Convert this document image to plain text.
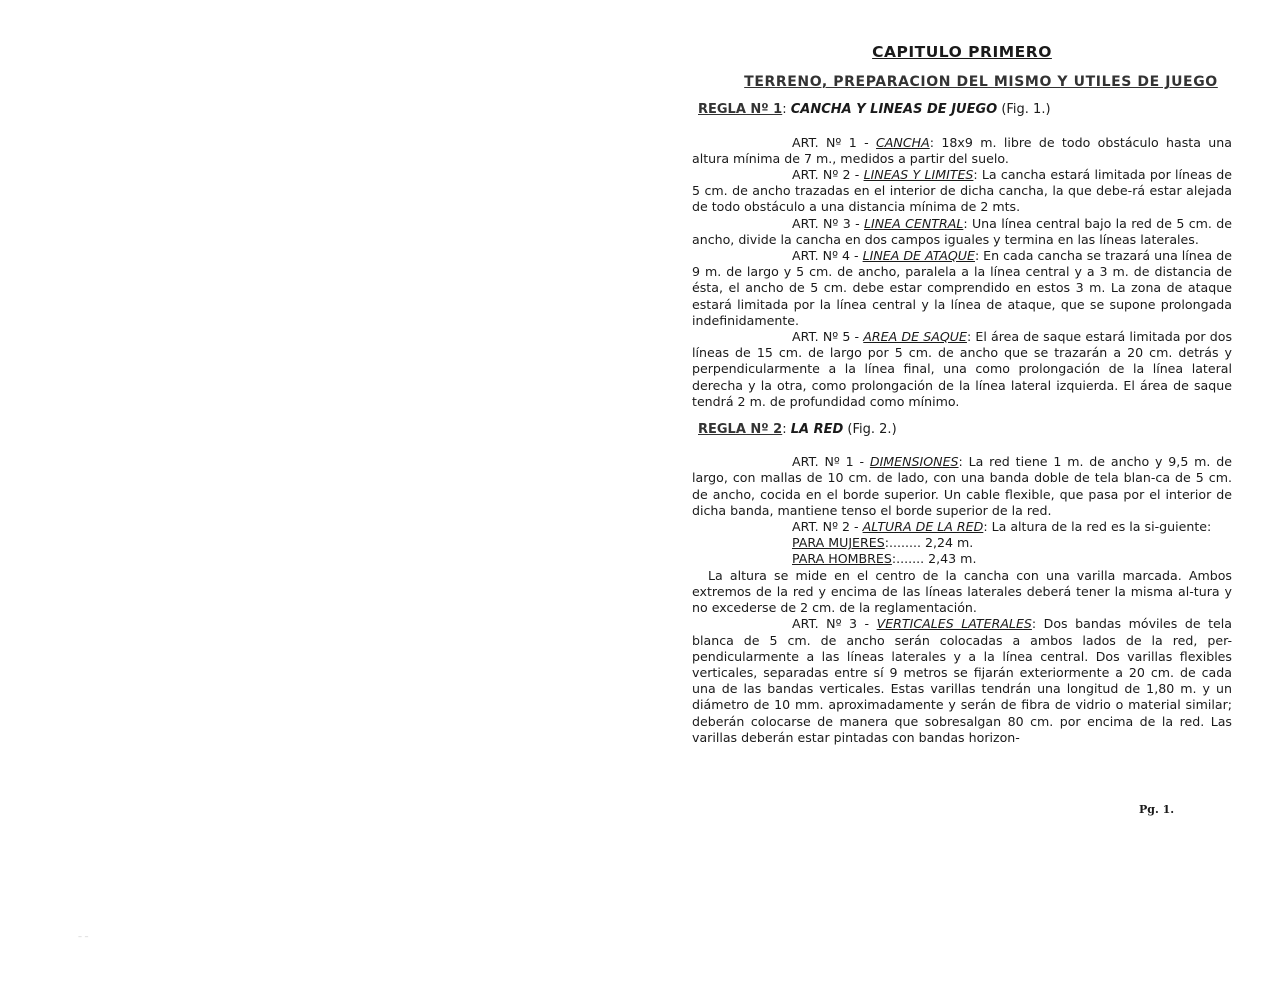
CAPITULO PRIMERO
TERRENO, PREPARACION DEL MISMO Y UTILES DE JUEGO
REGLA Nº 1: CANCHA Y LINEAS DE JUEGO (Fig. 1.)

ART. Nº 1 - CANCHA: 18x9 m. libre de todo obstáculo hasta una altura mínima de 7 m., medidos a partir del suelo.

ART. Nº 2 - LINEAS Y LIMITES: La cancha estará limitada por líneas de 5 cm. de ancho trazadas en el interior de dicha cancha, la que debe-rá estar alejada de todo obstáculo a una distancia mínima de 2 mts.

ART. Nº 3 - LINEA CENTRAL: Una línea central bajo la red de 5 cm. de ancho, divide la cancha en dos campos iguales y termina en las líneas laterales.

ART. Nº 4 - LINEA DE ATAQUE: En cada cancha se trazará una línea de 9 m. de largo y 5 cm. de ancho, paralela a la línea central y a 3 m. de distancia de ésta, el ancho de 5 cm. debe estar comprendido en estos 3 m. La zona de ataque estará limitada por la línea central y la línea de ataque, que se supone prolongada indefinidamente.

ART. Nº 5 - AREA DE SAQUE: El área de saque estará limitada por dos líneas de 15 cm. de largo por 5 cm. de ancho que se trazarán a 20 cm. detrás y perpendicularmente a la línea final, una como prolongación de la línea lateral derecha y la otra, como prolongación de la línea lateral izquierda. El área de saque tendrá 2 m. de profundidad como mínimo.

REGLA Nº 2: LA RED (Fig. 2.)

ART. Nº 1 - DIMENSIONES: La red tiene 1 m. de ancho y 9,5 m. de largo, con mallas de 10 cm. de lado, con una banda doble de tela blan-ca de 5 cm. de ancho, cocida en el borde superior. Un cable flexible, que pasa por el interior de dicha banda, mantiene tenso el borde superior de la red.

ART. Nº 2 - ALTURA DE LA RED: La altura de la red es la si-guiente:

PARA MUJERES:........ 2,24 m.

PARA HOMBRES:....... 2,43 m.

La altura se mide en el centro de la cancha con una varilla marcada. Ambos extremos de la red y encima de las líneas laterales deberá tener la misma al-tura y no excederse de 2 cm. de la reglamentación.

ART. Nº 3 - VERTICALES LATERALES: Dos bandas móviles de tela blanca de 5 cm. de ancho serán colocadas a ambos lados de la red, per-pendicularmente a las líneas laterales y a la línea central. Dos varillas flexibles verticales, separadas entre sí 9 metros se fijarán exteriormente a 20 cm. de cada una de las bandas verticales. Estas varillas tendrán una longitud de 1,80 m. y un diámetro de 10 mm. aproximadamente y serán de fibra de vidrio o material similar; deberán colocarse de manera que sobresalgan 80 cm. por encima de la red. Las varillas deberán estar pintadas con bandas horizon-

Pg. 1.
– –
